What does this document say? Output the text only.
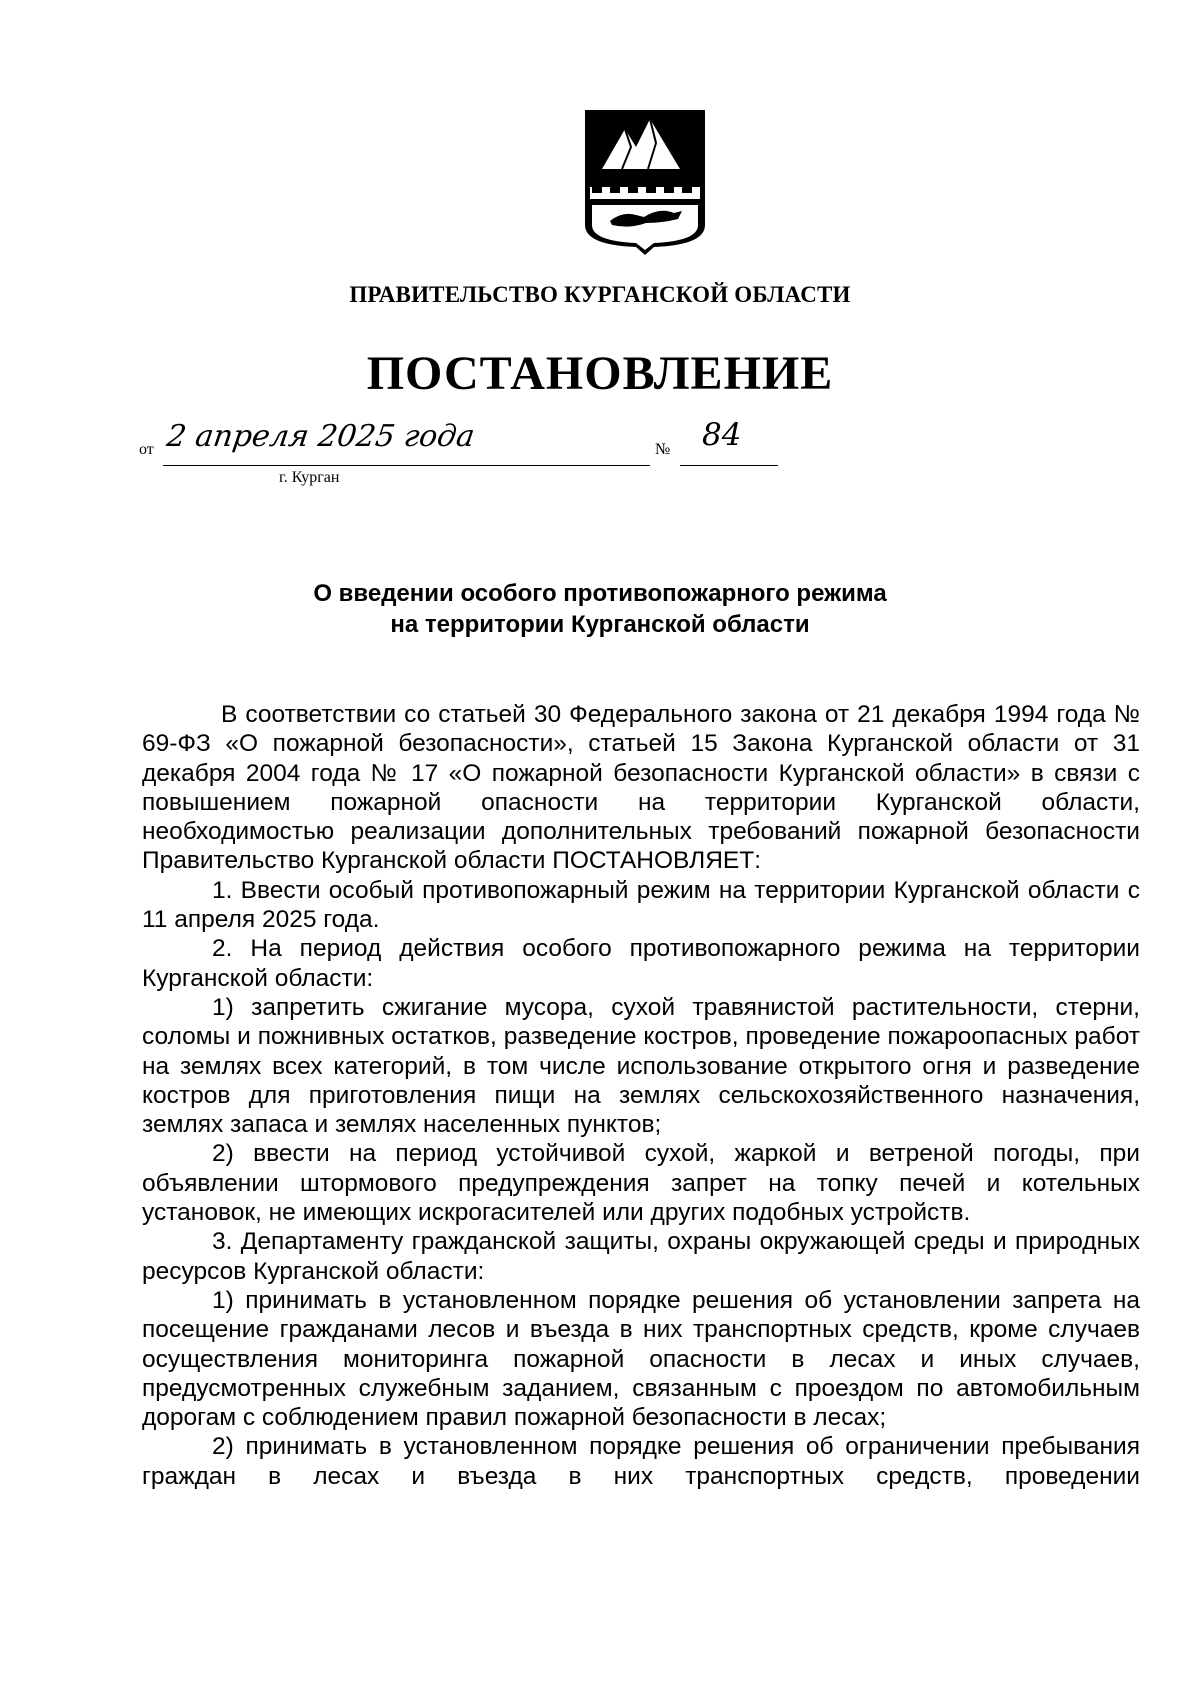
ПРАВИТЕЛЬСТВО КУРГАНСКОЙ ОБЛАСТИ
ПОСТАНОВЛЕНИЕ
от 2 апреля 2025 года	№ 84
г. Курган
О введении особого противопожарного режима
на территории Курганской области

В соответствии со статьей 30 Федерального закона от 21 декабря 1994 года № 69-ФЗ «О пожарной безопасности», статьей 15 Закона Курганской области от 31 декабря 2004 года № 17 «О пожарной безопасности Курганской области» в связи с повышением пожарной опасности на территории Курганской области, необходимостью реализации дополнительных требований пожарной безопасности Правительство Курганской области ПОСТАНОВЛЯЕТ:

1. Ввести особый противопожарный режим на территории Курганской области с 11 апреля 2025 года.

2. На период действия особого противопожарного режима на территории Курганской области:

1) запретить сжигание мусора, сухой травянистой растительности, стерни, соломы и пожнивных остатков, разведение костров, проведение пожароопасных работ на землях всех категорий, в том числе использование открытого огня и разведение костров для приготовления пищи на землях сельскохозяйственного назначения, землях запаса и землях населенных пунктов;

2) ввести на период устойчивой сухой, жаркой и ветреной погоды, при объявлении штормового предупреждения запрет на топку печей и котельных установок, не имеющих искрогасителей или других подобных устройств.

3. Департаменту гражданской защиты, охраны окружающей среды и природных ресурсов Курганской области:

1) принимать в установленном порядке решения об установлении запрета на посещение гражданами лесов и въезда в них транспортных средств, кроме случаев осуществления мониторинга пожарной опасности в лесах и иных случаев, предусмотренных служебным заданием, связанным с проездом по автомобильным дорогам с соблюдением правил пожарной безопасности в лесах;

2) принимать в установленном порядке решения об ограничении пребывания граждан в лесах и въезда в них транспортных средств, проведении
